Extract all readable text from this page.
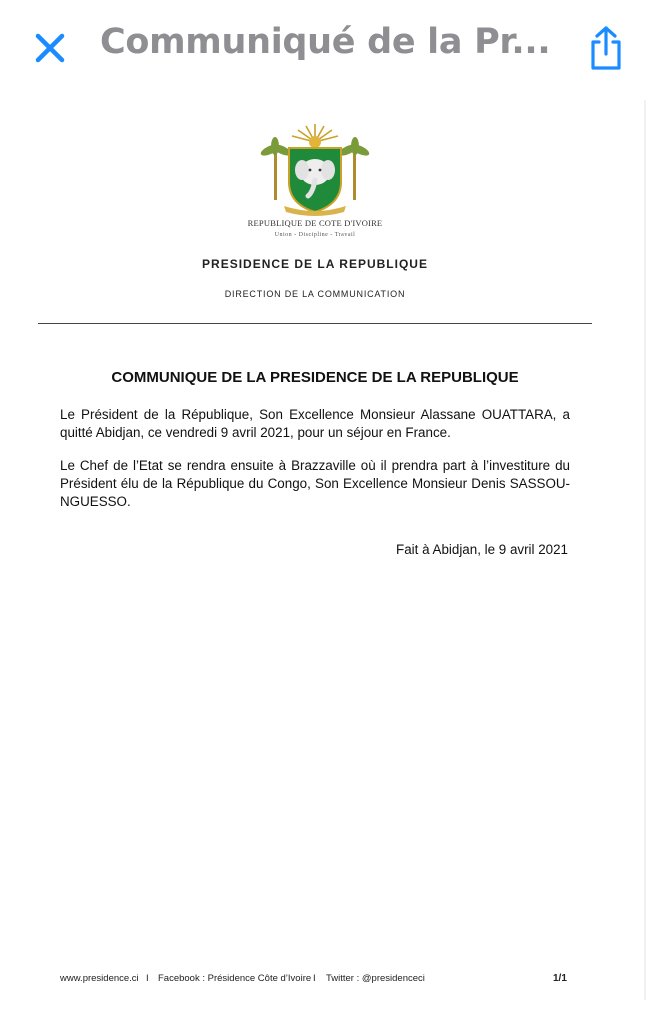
Communiqué de la Pr...
REPUBLIQUE DE COTE D'IVOIRE
Union - Discipline - Travail
PRESIDENCE DE LA REPUBLIQUE
DIRECTION DE LA COMMUNICATION
COMMUNIQUE DE LA PRESIDENCE DE LA REPUBLIQUE
Le Président de la République, Son Excellence Monsieur Alassane OUATTARA, a quitté Abidjan, ce vendredi 9 avril 2021, pour un séjour en France.
Le Chef de l’Etat se rendra ensuite à Brazzaville où il prendra part à l’investiture du Président élu de la République du Congo, Son Excellence Monsieur Denis SASSOU-NGUESSO.
Fait à Abidjan, le 9 avril 2021
www.presidence.ci I Facebook : Présidence Côte d’Ivoire I Twitter : @presidenceci	1/1
